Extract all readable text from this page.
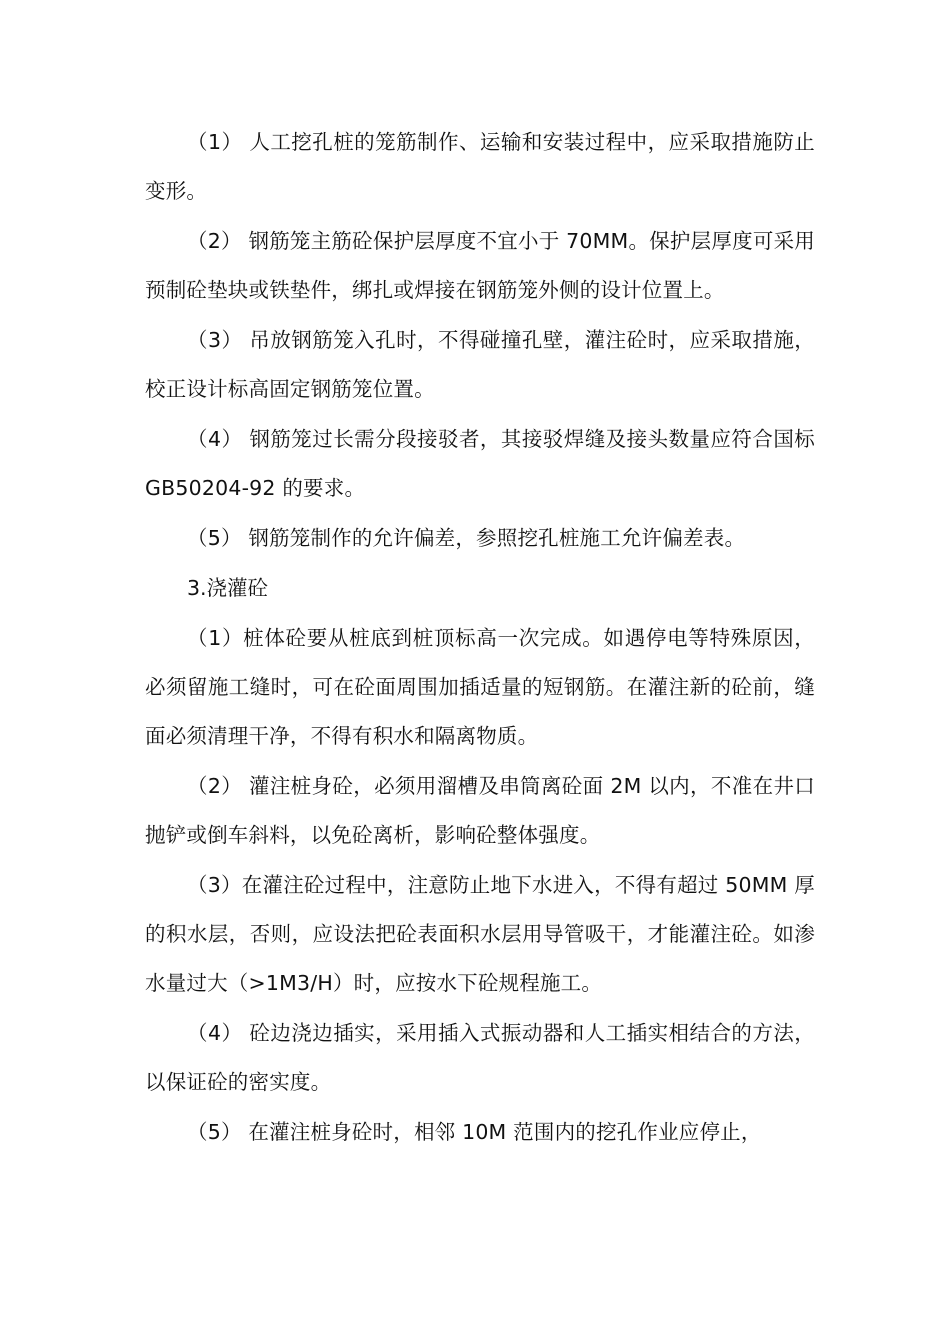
（1） 人工挖孔桩的笼筋制作、运输和安装过程中，应采取措施防止变形。

（2） 钢筋笼主筋砼保护层厚度不宜小于 70MM。保护层厚度可采用预制砼垫块或铁垫件，绑扎或焊接在钢筋笼外侧的设计位置上。

（3） 吊放钢筋笼入孔时，不得碰撞孔壁，灌注砼时，应采取措施，校正设计标高固定钢筋笼位置。

（4） 钢筋笼过长需分段接驳者，其接驳焊缝及接头数量应符合国标 GB50204-92 的要求。

（5） 钢筋笼制作的允许偏差，参照挖孔桩施工允许偏差表。

3.浇灌砼

（1）桩体砼要从桩底到桩顶标高一次完成。如遇停电等特殊原因，必须留施工缝时，可在砼面周围加插适量的短钢筋。在灌注新的砼前，缝面必须清理干净，不得有积水和隔离物质。

（2） 灌注桩身砼，必须用溜槽及串筒离砼面 2M 以内，不准在井口抛铲或倒车斜料，以免砼离析，影响砼整体强度。

（3）在灌注砼过程中，注意防止地下水进入，不得有超过 50MM 厚的积水层，否则，应设法把砼表面积水层用导管吸干，才能灌注砼。如渗水量过大（>1M3/H）时，应按水下砼规程施工。

（4） 砼边浇边插实，采用插入式振动器和人工插实相结合的方法，以保证砼的密实度。

（5） 在灌注桩身砼时，相邻 10M 范围内的挖孔作业应停止，
